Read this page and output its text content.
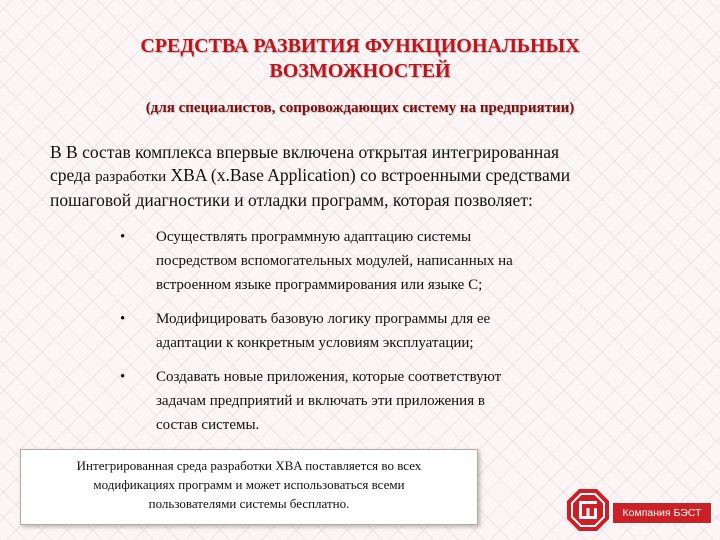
СРЕДСТВА РАЗВИТИЯ ФУНКЦИОНАЛЬНЫХ
ВОЗМОЖНОСТЕЙ
(для специалистов, сопровождающих систему на предприятии)
В В состав комплекса впервые включена открытая интегрированная
среда разработки XBA (x.Base Application) со встроенными средствами
пошаговой диагностики и отладки программ, которая позволяет:
• Осуществлять программную адаптацию системы
посредством вспомогательных модулей, написанных на
встроенном языке программирования или языке С;
• Модифицировать базовую логику программы для ее
адаптации к конкретным условиям эксплуатации;
• Создавать новые приложения, которые соответствуют
задачам предприятий и включать эти приложения в
состав системы.
Интегрированная среда разработки XBA поставляется во всех
модификациях программ и может использоваться всеми
пользователями системы бесплатно.
Компания БЭСТ
